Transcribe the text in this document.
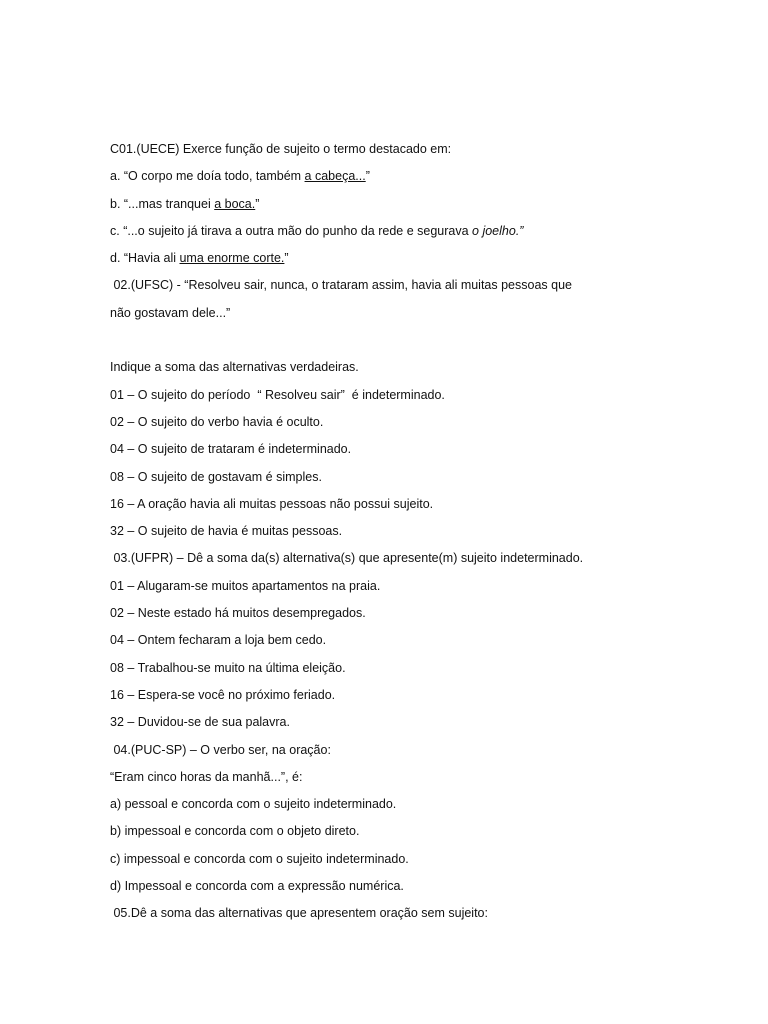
C01.(UECE) Exerce função de sujeito o termo destacado em:
a. “O corpo me doía todo, também a cabeça...”
b. “...mas tranquei a boca.”
c. “...o sujeito já tirava a outra mão do punho da rede e segurava o joelho.”
d. “Havia ali uma enorme corte.”
02.(UFSC) - “Resolveu sair, nunca, o trataram assim, havia ali muitas pessoas que
não gostavam dele...”
Indique a soma das alternativas verdadeiras.
01 – O sujeito do período  “ Resolveu sair”  é indeterminado.
02 – O sujeito do verbo havia é oculto.
04 – O sujeito de trataram é indeterminado.
08 – O sujeito de gostavam é simples.
16 – A oração havia ali muitas pessoas não possui sujeito.
32 – O sujeito de havia é muitas pessoas.
03.(UFPR) – Dê a soma da(s) alternativa(s) que apresente(m) sujeito indeterminado.
01 – Alugaram-se muitos apartamentos na praia.
02 – Neste estado há muitos desempregados.
04 – Ontem fecharam a loja bem cedo.
08 – Trabalhou-se muito na última eleição.
16 – Espera-se você no próximo feriado.
32 – Duvidou-se de sua palavra.
04.(PUC-SP) – O verbo ser, na oração:
“Eram cinco horas da manhã...”, é:
a) pessoal e concorda com o sujeito indeterminado.
b) impessoal e concorda com o objeto direto.
c) impessoal e concorda com o sujeito indeterminado.
d) Impessoal e concorda com a expressão numérica.
05.Dê a soma das alternativas que apresentem oração sem sujeito:
